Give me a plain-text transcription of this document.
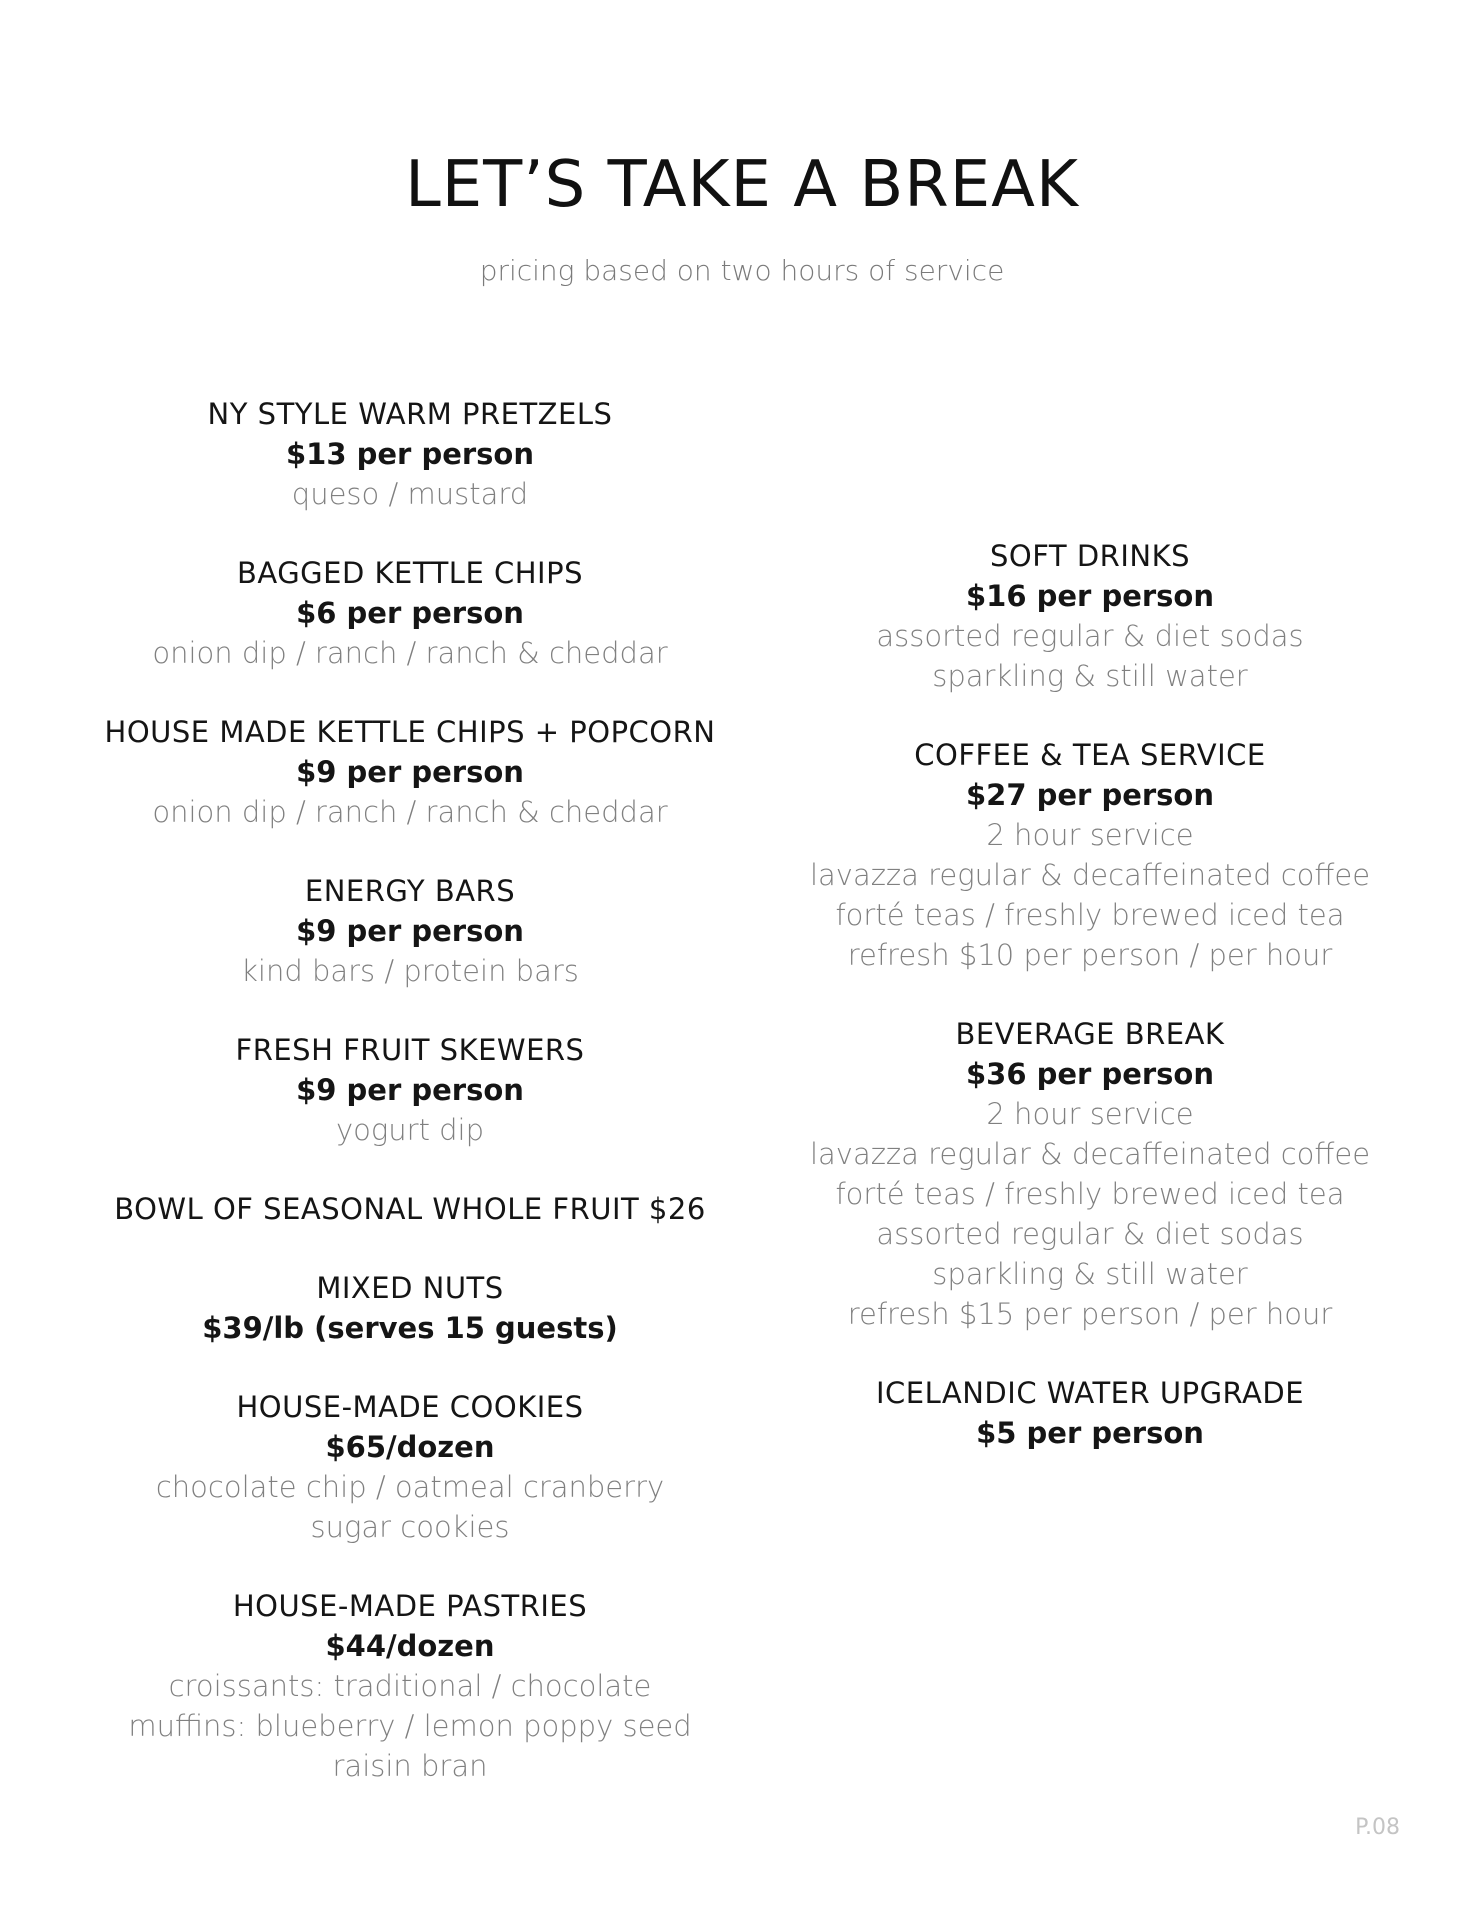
LET’S TAKE A BREAK

pricing based on two hours of service

NY STYLE WARM PRETZELS
$13 per person
queso / mustard
BAGGED KETTLE CHIPS
$6 per person
onion dip / ranch / ranch & cheddar
HOUSE MADE KETTLE CHIPS + POPCORN
$9 per person
onion dip / ranch / ranch & cheddar
ENERGY BARS
$9 per person
kind bars / protein bars
FRESH FRUIT SKEWERS
$9 per person
yogurt dip
BOWL OF SEASONAL WHOLE FRUIT $26
MIXED NUTS
$39/lb (serves 15 guests)
HOUSE-MADE COOKIES
$65/dozen
chocolate chip / oatmeal cranberry
sugar cookies
HOUSE-MADE PASTRIES
$44/dozen
croissants: traditional / chocolate
muffins: blueberry / lemon poppy seed
raisin bran
SOFT DRINKS
$16 per person
assorted regular & diet sodas
sparkling & still water
COFFEE & TEA SERVICE
$27 per person
2 hour service
lavazza regular & decaffeinated coffee
forté teas / freshly brewed iced tea
refresh $10 per person / per hour
BEVERAGE BREAK
$36 per person
2 hour service
lavazza regular & decaffeinated coffee
forté teas / freshly brewed iced tea
assorted regular & diet sodas
sparkling & still water
refresh $15 per person / per hour
ICELANDIC WATER UPGRADE
$5 per person
P.08
